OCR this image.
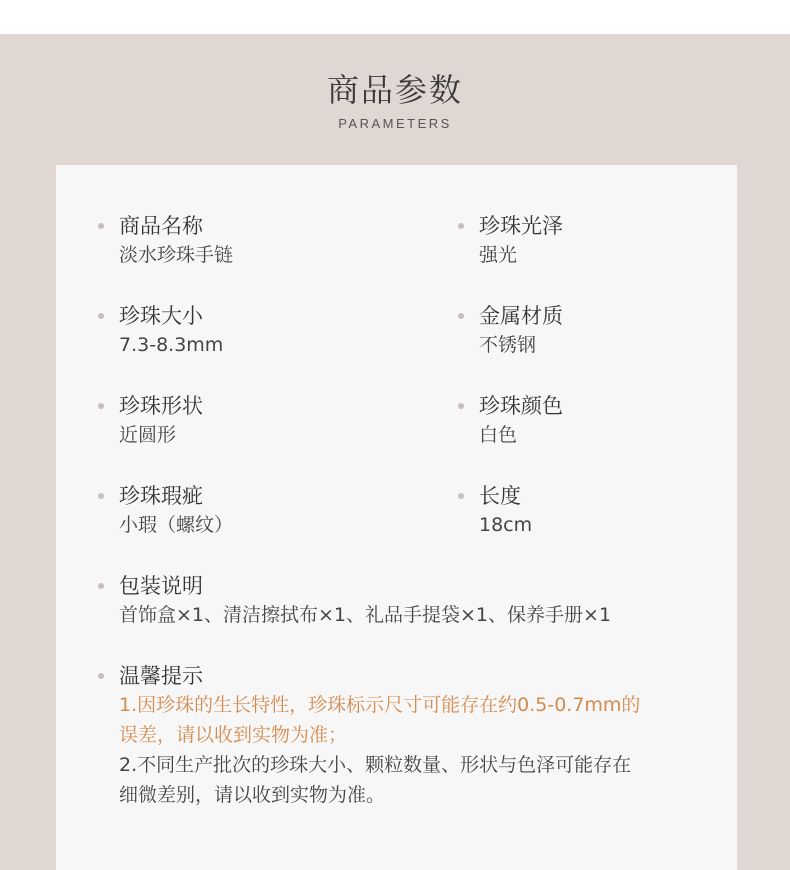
商品参数
PARAMETERS
商品名称
淡水珍珠手链
珍珠光泽
强光
珍珠大小
7.3-8.3mm
金属材质
不锈钢
珍珠形状
近圆形
珍珠颜色
白色
珍珠瑕疵
小瑕（螺纹）
长度
18cm
包装说明
首饰盒×1、清洁擦拭布×1、礼品手提袋×1、保养手册×1
温馨提示
1.因珍珠的生长特性，珍珠标示尺寸可能存在约0.5-0.7mm的
误差，请以收到实物为准；
2.不同生产批次的珍珠大小、颗粒数量、形状与色泽可能存在
细微差别，请以收到实物为准。
